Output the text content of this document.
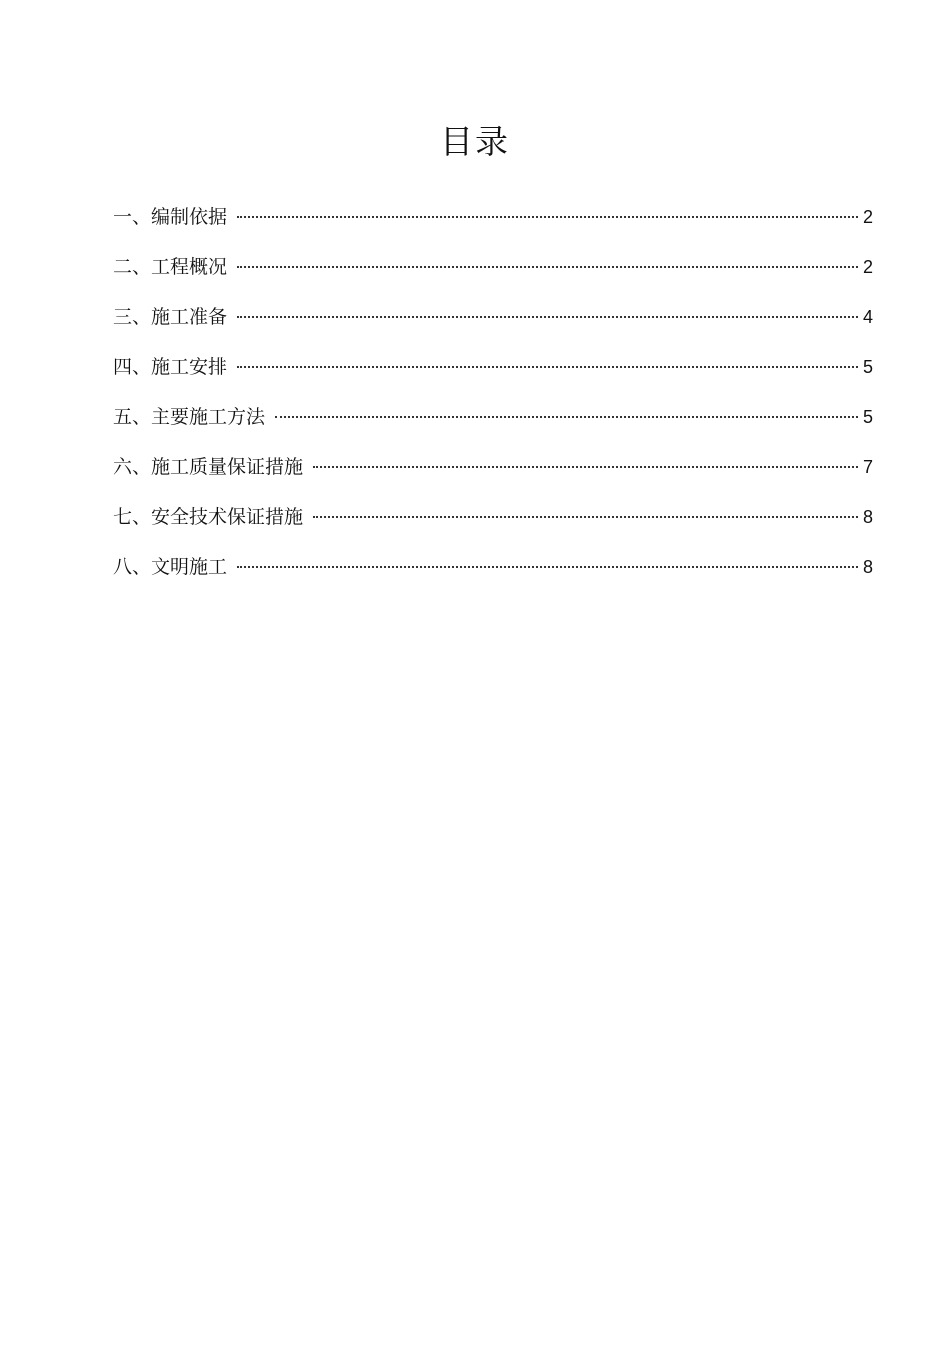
目录
一、编制依据	2
二、工程概况	2
三、施工准备	4
四、施工安排	5
五、主要施工方法	5
六、施工质量保证措施	7
七、安全技术保证措施	8
八、文明施工	8
